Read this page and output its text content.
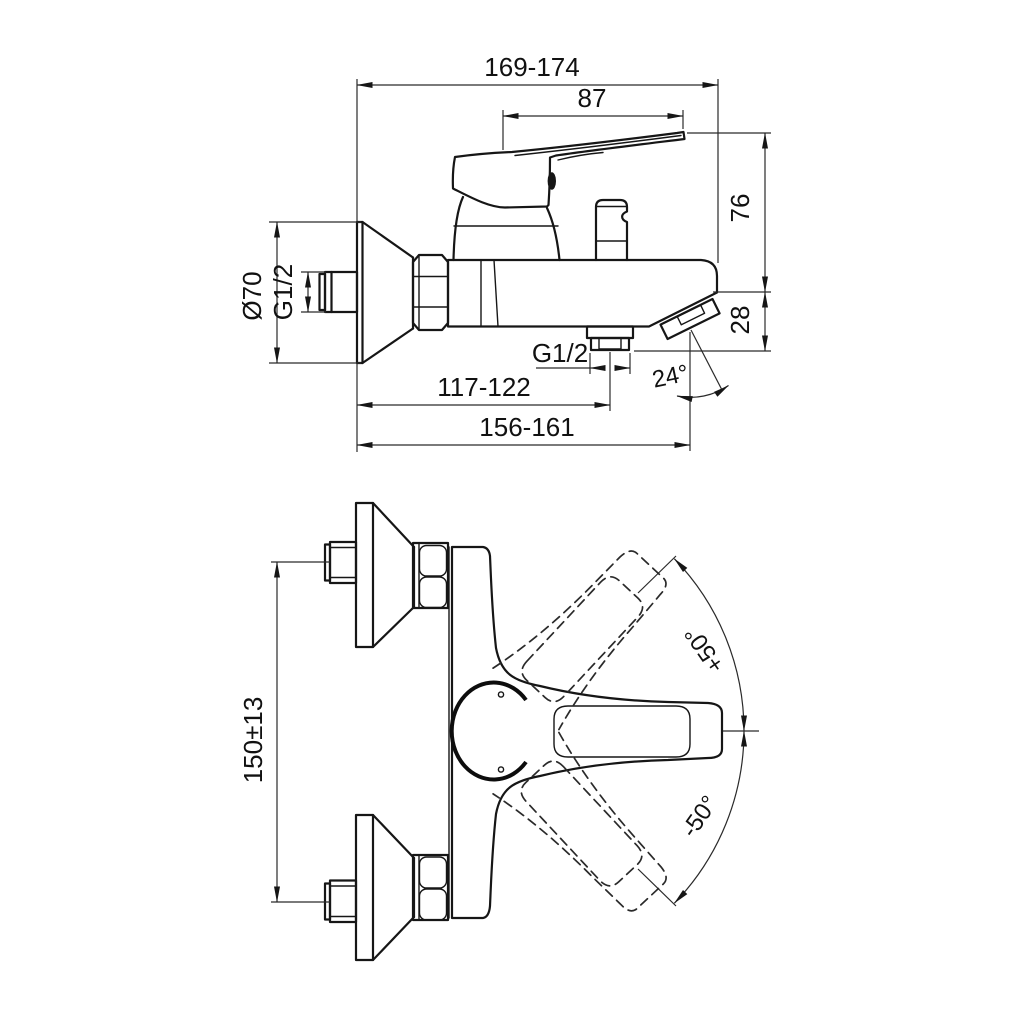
169-174
87
76
28
Ø70 G1/2
G1/2
117-122
156-161
24°
+50°
-50°
150±13
